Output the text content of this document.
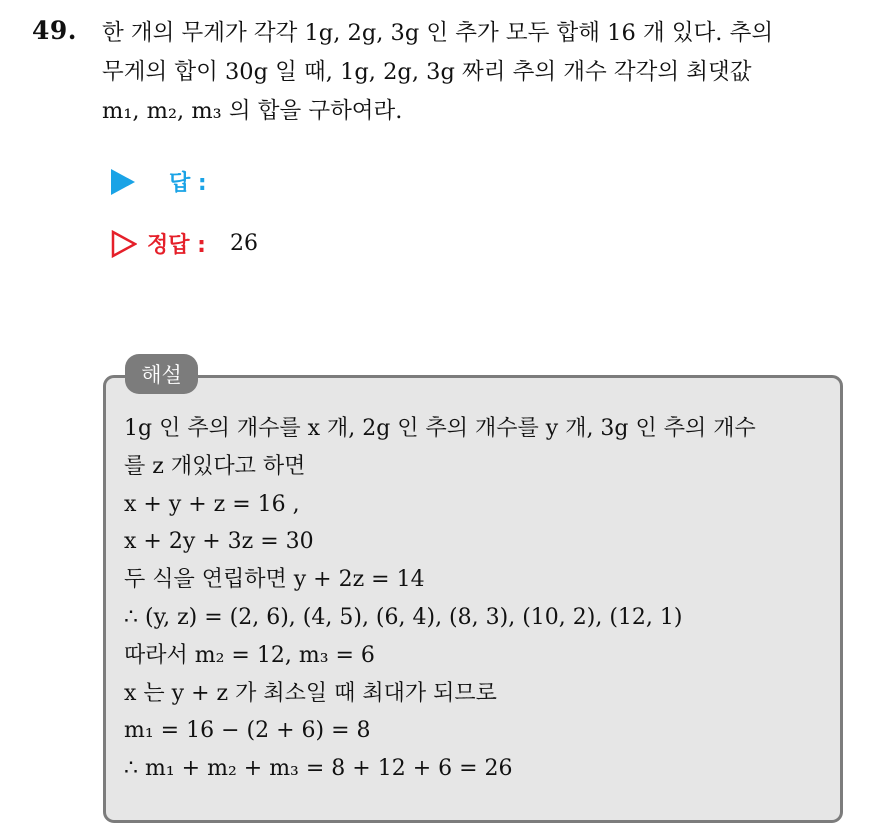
49. 한 개의 무게가 각각 1g, 2g, 3g 인 추가 모두 합해 16 개 있다. 추의
무게의 합이 30g 일 때, 1g, 2g, 3g 짜리 추의 개수 각각의 최댓값
m₁, m₂, m₃ 의 합을 구하여라.
답 :
정답 : 26
해설
1g 인 추의 개수를 x 개, 2g 인 추의 개수를 y 개, 3g 인 추의 개수
를 z 개있다고 하면
x + y + z = 16 ,
x + 2y + 3z = 30
두 식을 연립하면 y + 2z = 14
∴ (y, z) = (2, 6), (4, 5), (6, 4), (8, 3), (10, 2), (12, 1)
따라서 m₂ = 12, m₃ = 6
x 는 y + z 가 최소일 때 최대가 되므로
m₁ = 16 − (2 + 6) = 8
∴ m₁ + m₂ + m₃ = 8 + 12 + 6 = 26
